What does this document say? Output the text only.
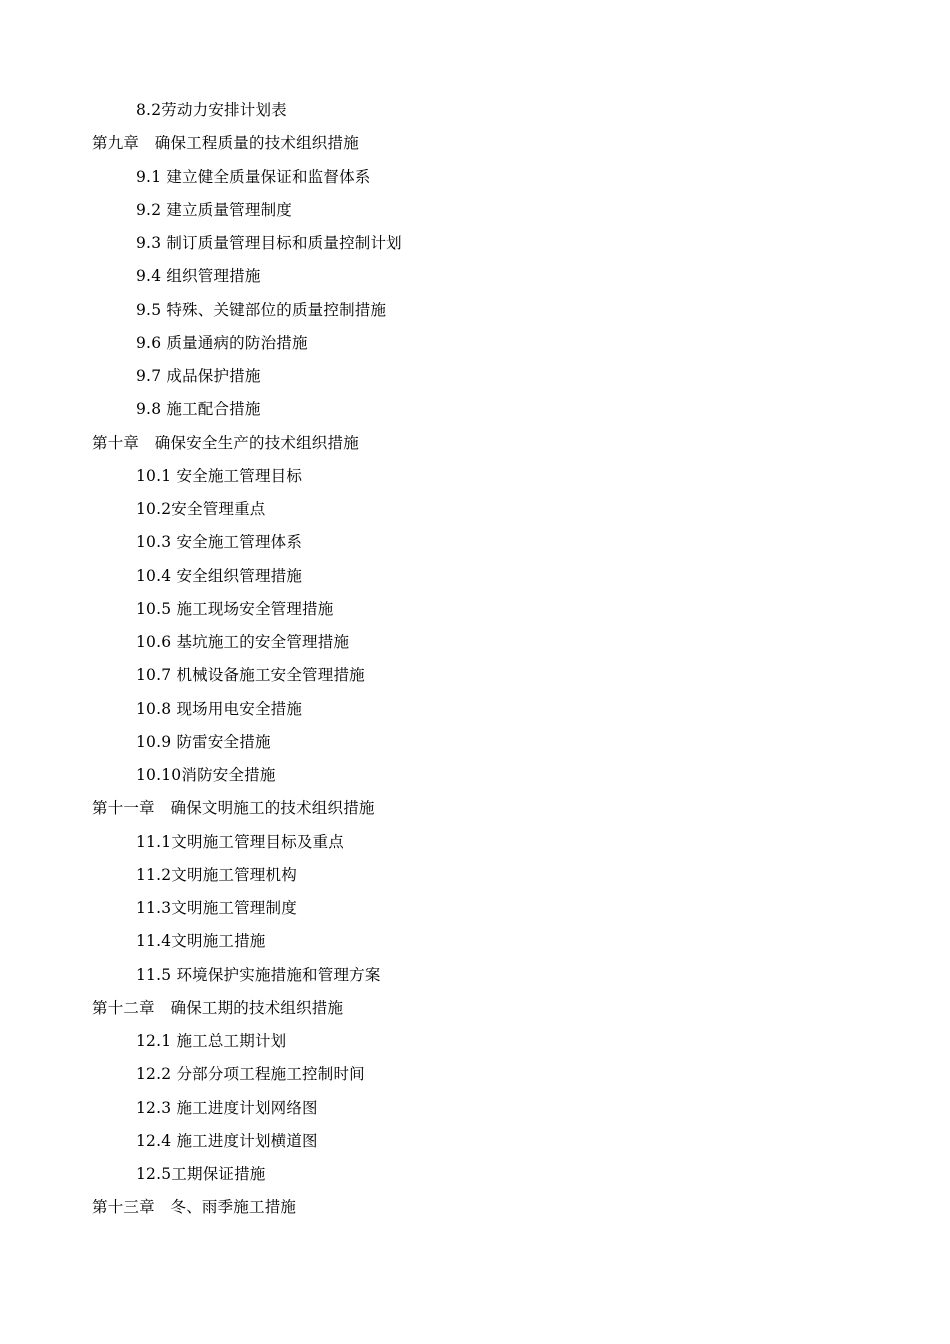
8.2劳动力安排计划表
第九章　确保工程质量的技术组织措施
9.1 建立健全质量保证和监督体系
9.2 建立质量管理制度
9.3 制订质量管理目标和质量控制计划
9.4 组织管理措施
9.5 特殊、关键部位的质量控制措施
9.6 质量通病的防治措施
9.7 成品保护措施
9.8 施工配合措施
第十章　确保安全生产的技术组织措施
10.1 安全施工管理目标
10.2安全管理重点
10.3 安全施工管理体系
10.4 安全组织管理措施
10.5 施工现场安全管理措施
10.6 基坑施工的安全管理措施
10.7 机械设备施工安全管理措施
10.8 现场用电安全措施
10.9 防雷安全措施
10.10消防安全措施
第十一章　确保文明施工的技术组织措施
11.1文明施工管理目标及重点
11.2文明施工管理机构
11.3文明施工管理制度
11.4文明施工措施
11.5 环境保护实施措施和管理方案
第十二章　确保工期的技术组织措施
12.1 施工总工期计划
12.2 分部分项工程施工控制时间
12.3 施工进度计划网络图
12.4 施工进度计划横道图
12.5工期保证措施
第十三章　冬、雨季施工措施
